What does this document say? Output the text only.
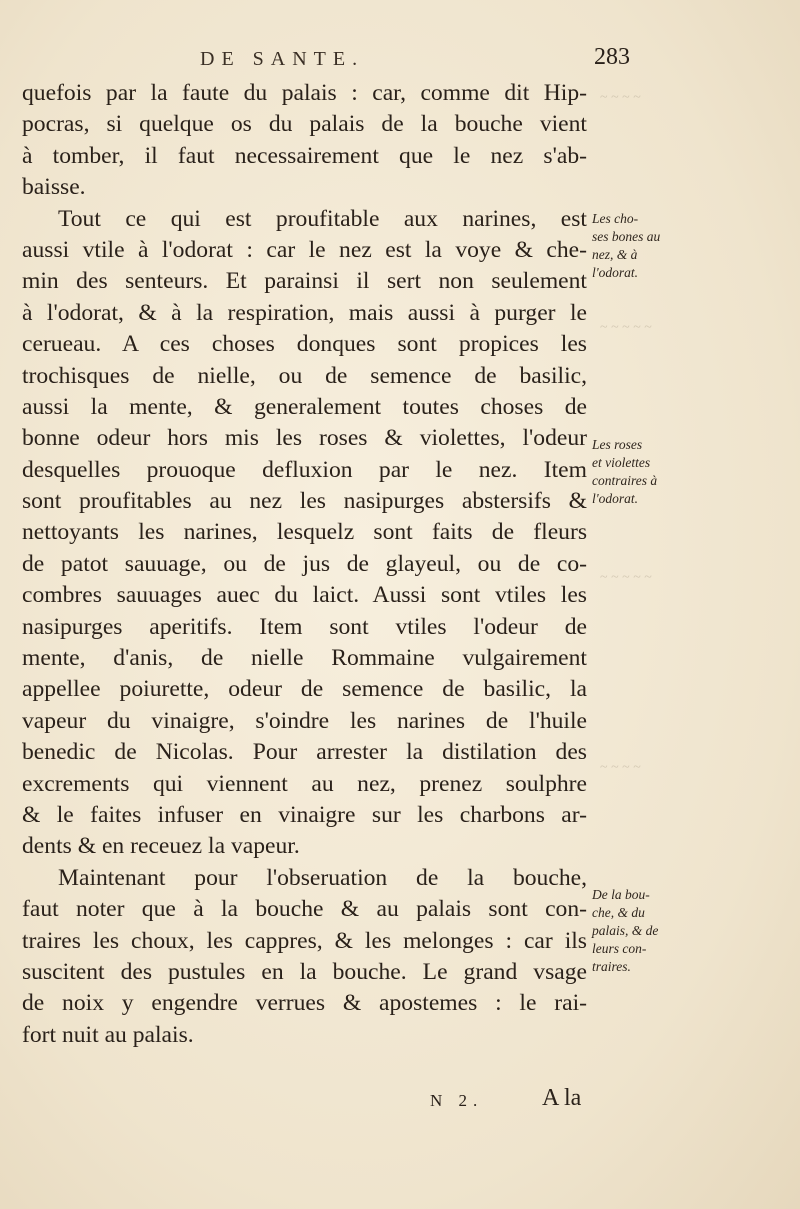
~ ~ ~ ~
~ ~ ~ ~ ~
~ ~ ~ ~ ~
~ ~ ~ ~
DE SANTE.	283
quefois par la faute du palais : car, comme dit Hip-
pocras, si quelque os du palais de la bouche vient
à tomber, il faut necessairement que le nez s'ab-
baisse.
Tout ce qui est proufitable aux narines, est
aussi vtile à l'odorat : car le nez est la voye & che-
min des senteurs. Et parainsi il sert non seulement
à l'odorat, & à la respiration, mais aussi à purger le
cerueau. A ces choses donques sont propices les
trochisques de nielle, ou de semence de basilic,
aussi la mente, & generalement toutes choses de
bonne odeur hors mis les roses & violettes, l'odeur
desquelles prouoque defluxion par le nez. Item
sont proufitables au nez les nasipurges abstersifs &
nettoyants les narines, lesquelz sont faits de fleurs
de patot sauuage, ou de jus de glayeul, ou de co-
combres sauuages auec du laict. Aussi sont vtiles les
nasipurges aperitifs. Item sont vtiles l'odeur de
mente, d'anis, de nielle Rommaine vulgairement
appellee poiurette, odeur de semence de basilic, la
vapeur du vinaigre, s'oindre les narines de l'huile
benedic de Nicolas. Pour arrester la distilation des
excrements qui viennent au nez, prenez soulphre
& le faites infuser en vinaigre sur les charbons ar-
dents & en receuez la vapeur.
Maintenant pour l'obseruation de la bouche,
faut noter que à la bouche & au palais sont con-
traires les choux, les cappres, & les melonges : car ils
suscitent des pustules en la bouche. Le grand vsage
de noix y engendre verrues & apostemes : le rai-
fort nuit au palais.
Les cho-
ses bones au
nez, & à
l'odorat.
Les roses
et violettes
contraires à
l'odorat.
De la bou-
che, & du
palais, & de
leurs con-
traires.
N 2. A la
